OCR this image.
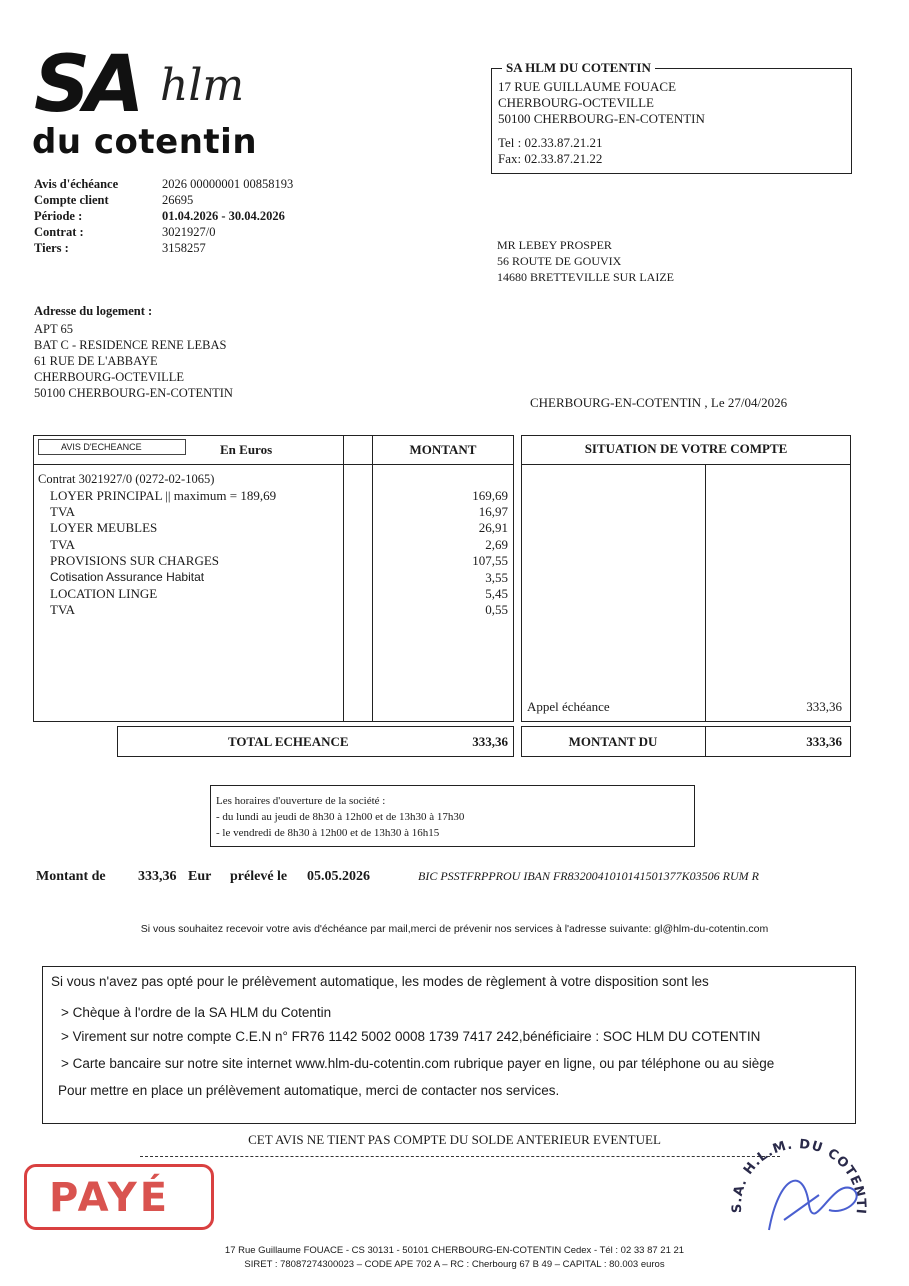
SA hlm
du cotentin
SA HLM DU COTENTIN
17 RUE GUILLAUME FOUACE
CHERBOURG-OCTEVILLE
50100 CHERBOURG-EN-COTENTIN
Tel : 02.33.87.21.21
Fax: 02.33.87.21.22
Avis d'échéance	2026 00000001 00858193
Compte client	26695
Période :	01.04.2026 - 30.04.2026
Contrat :	3021927/0
Tiers :	3158257	MR LEBEY PROSPER
56 ROUTE DE GOUVIX
14680 BRETTEVILLE SUR LAIZE
Adresse du logement :
APT 65
BAT C - RESIDENCE RENE LEBAS
61 RUE DE L'ABBAYE
CHERBOURG-OCTEVILLE
50100 CHERBOURG-EN-COTENTIN
CHERBOURG-EN-COTENTIN , Le 27/04/2026
AVIS D'ECHEANCE	En Euros	MONTANT
Contrat 3021927/0 (0272-02-1065)
LOYER PRINCIPAL || maximum = 189,69	169,69
TVA	16,97
LOYER MEUBLES	26,91
TVA	2,69
PROVISIONS SUR CHARGES	107,55
Cotisation Assurance Habitat	3,55
LOCATION LINGE	5,45
TVA	0,55
TOTAL ECHEANCE	333,36
SITUATION DE VOTRE COMPTE
Appel échéance	333,36
MONTANT DU	333,36
Les horaires d'ouverture de la société :
- du lundi au jeudi de 8h30 à 12h00 et de 13h30 à 17h30
- le vendredi de 8h30 à 12h00 et de 13h30 à 16h15
Montant de 333,36 Eur prélevé le 05.05.2026	BIC PSSTFRPPROU IBAN FR8320041010141501377K03506 RUM R
Si vous souhaitez recevoir votre avis d'échéance par mail,merci de prévenir nos services à l'adresse suivante: gl@hlm-du-cotentin.com
Si vous n'avez pas opté pour le prélèvement automatique, les modes de règlement à votre disposition sont les
> Chèque à l'ordre de la SA HLM du Cotentin
> Virement sur notre compte C.E.N n° FR76 1142 5002 0008 1739 7417 242,bénéficiaire : SOC HLM DU COTENTIN
> Carte bancaire sur notre site internet www.hlm-du-cotentin.com rubrique payer en ligne, ou par téléphone ou au siège
Pour mettre en place un prélèvement automatique, merci de contacter nos services.
CET AVIS NE TIENT PAS COMPTE DU SOLDE ANTERIEUR EVENTUEL
PAYÉ	S.A. H.L.M. DU COTENTI
17 Rue Guillaume FOUACE - CS 30131 - 50101 CHERBOURG-EN-COTENTIN Cedex - Tél : 02 33 87 21 21
SIRET : 78087274300023 – CODE APE 702 A – RC : Cherbourg 67 B 49 – CAPITAL : 80.003 euros
